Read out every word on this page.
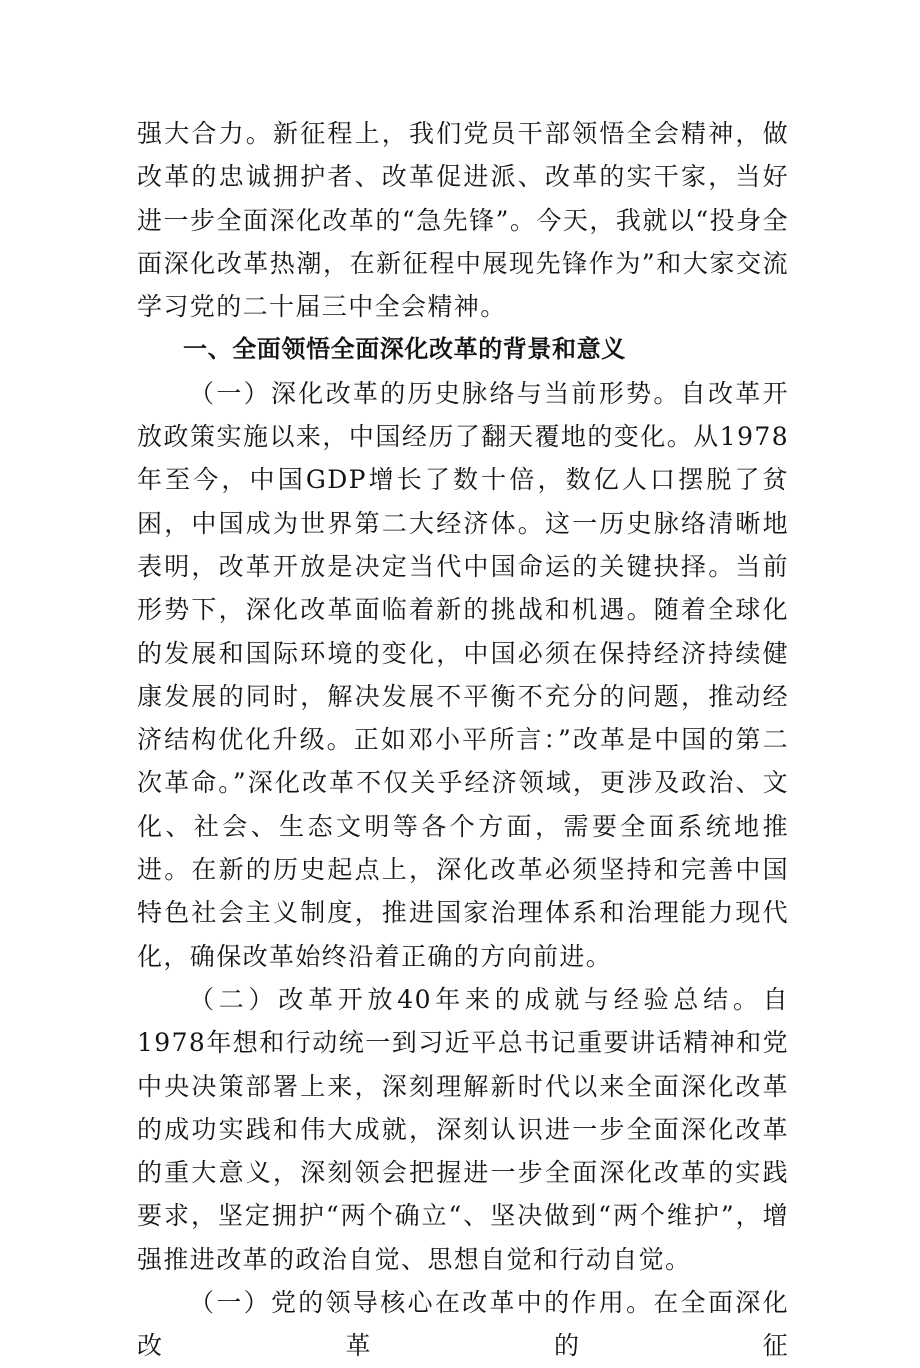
强大合力。新征程上，我们党员干部领悟全会精神，做改革的忠诚拥护者、改革促进派、改革的实干家，当好进一步全面深化改革的“急先锋”。今天，我就以“投身全面深化改革热潮，在新征程中展现先锋作为”和大家交流学习党的二十届三中全会精神。

一、全面领悟全面深化改革的背景和意义

（一）深化改革的历史脉络与当前形势。自改革开放政策实施以来，中国经历了翻天覆地的变化。从1978年至今，中国GDP增长了数十倍，数亿人口摆脱了贫困，中国成为世界第二大经济体。这一历史脉络清晰地表明，改革开放是决定当代中国命运的关键抉择。当前形势下，深化改革面临着新的挑战和机遇。随着全球化的发展和国际环境的变化，中国必须在保持经济持续健康发展的同时，解决发展不平衡不充分的问题，推动经济结构优化升级。正如邓小平所言：”改革是中国的第二次革命。”深化改革不仅关乎经济领域，更涉及政治、文化、社会、生态文明等各个方面，需要全面系统地推进。在新的历史起点上，深化改革必须坚持和完善中国特色社会主义制度，推进国家治理体系和治理能力现代化，确保改革始终沿着正确的方向前进。

（二）改革开放40年来的成就与经验总结。自1978年想和行动统一到习近平总书记重要讲话精神和党中央决策部署上来，深刻理解新时代以来全面深化改革的成功实践和伟大成就，深刻认识进一步全面深化改革的重大意义，深刻领会把握进一步全面深化改革的实践要求，坚定拥护“两个确立“、坚决做到“两个维护”，增强推进改革的政治自觉、思想自觉和行动自觉。

（一）党的领导核心在改革中的作用。在全面深化改革的征
